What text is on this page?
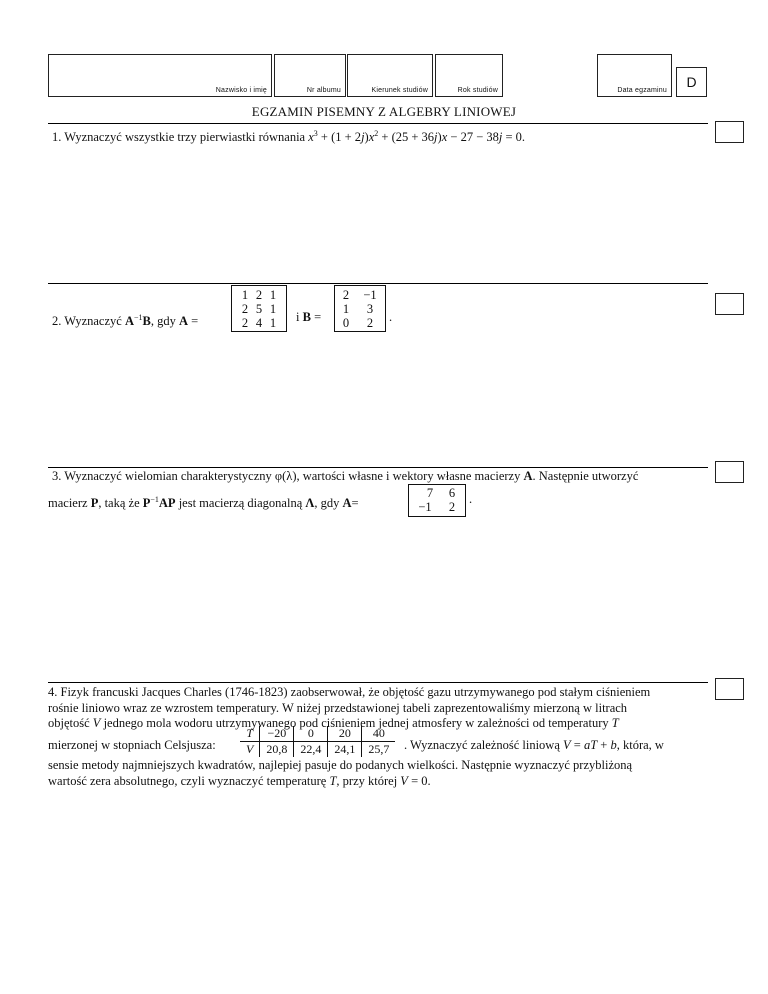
Nazwisko i imię	Nr albumu	Kierunek studiów	Rok studiów	Data egzaminu
D
EGZAMIN PISEMNY Z ALGEBRY LINIOWEJ
1. Wyznaczyć wszystkie trzy pierwiastki równania $x^3 + (1 + 2j)x^2 + (25 + 36j)x - 27 - 38j = 0$.
2. Wyznaczyć $A^{-1}B$, gdy A =
1 2 1
2 5 1
2 4 1	i B =
2	−1
1	3
0	2	.
3. Wyznaczyć wielomian charakterystyczny φ(λ), wartości własne i wektory własne macierzy A. Następnie utworzyć
macierz P, taką że $P^{-1}AP$ jest macierzą diagonalną Λ, gdy A=
7	6
−1	2
.
4. Fizyk francuski Jacques Charles (1746-1823) zaobserwował, że objętość gazu utrzymywanego pod stałym ciśnieniem
rośnie liniowo wraz ze wzrostem temperatury. W niżej przedstawionej tabeli zaprezentowaliśmy mierzoną w litrach
objętość V jednego mola wodoru utrzymywanego pod ciśnieniem jednej atmosfery w zależności od temperatury T
mierzonej w stopniach Celsjusza:
T	−20	0	20	40
V	20,8	22,4	24,1	25,7 . Wyznaczyć zależność liniową V = aT + b, która, w
sensie metody najmniejszych kwadratów, najlepiej pasuje do podanych wielkości. Następnie wyznaczyć przybliżoną
wartość zera absolutnego, czyli wyznaczyć temperaturę T, przy której V = 0.
